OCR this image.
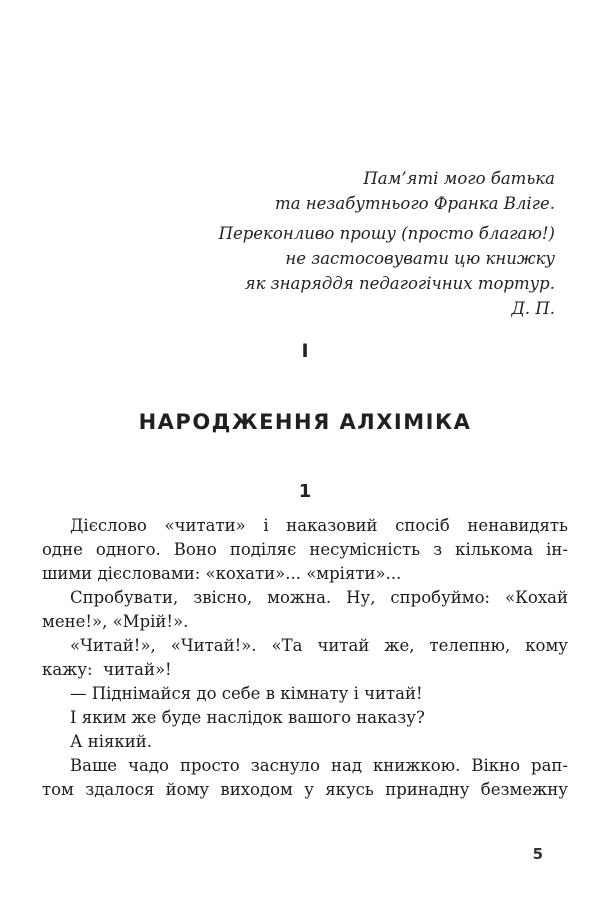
Пам’яті мого батька
та незабутнього Франка Вліге.
Переконливо прошу (просто благаю!)
не застосовувати цю книжку
як знаряддя педагогічних тортур.
Д. П.
I
НАРОДЖЕННЯ АЛХІМІКА
1

Дієслово «читати» і наказовий спосіб ненавидять
одне одного. Воно поділяє несумісність з кількома ін-
шими дієсловами: «кохати»... «мріяти»...

Спробувати, звісно, можна. Ну, спробуймо: «Кохай
мене!», «Мрій!».

«Читай!», «Читай!». «Та читай же, телепню, кому
кажу:  читай»!

— Піднімайся до себе в кімнату і читай!

І яким же буде наслідок вашого наказу?

А ніякий.

Ваше чадо просто заснуло над книжкою. Вікно рап-
том здалося йому виходом у якусь принадну безмежну

5
